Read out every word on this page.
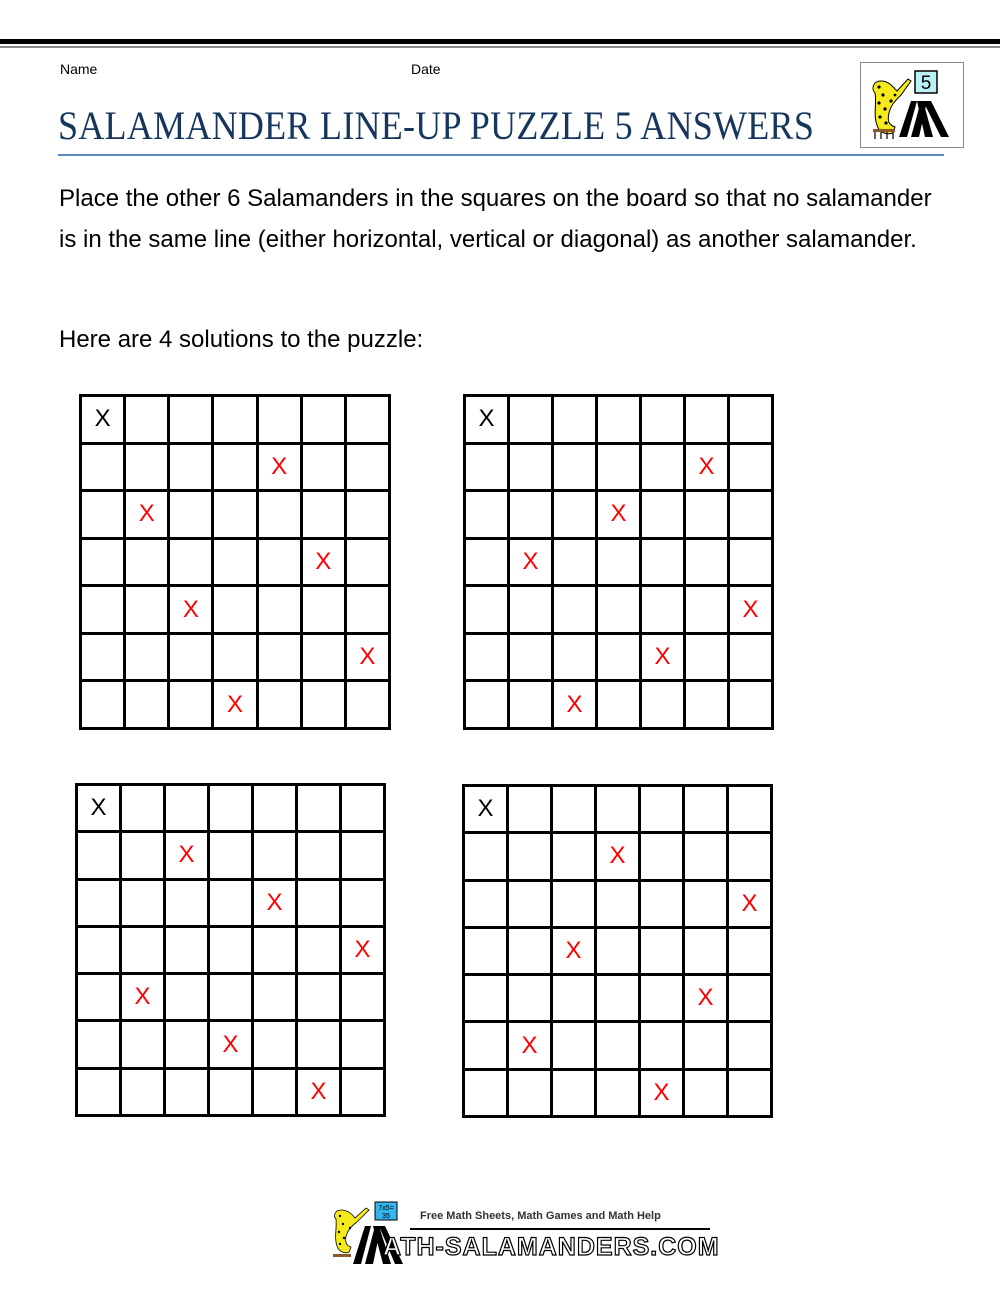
Name	Date
SALAMANDER LINE-UP PUZZLE 5 ANSWERS
5
Place the other 6 Salamanders in the squares on the board so that no salamander is in the same line (either horizontal, vertical or diagonal) as another salamander.
Here are 4 solutions to the puzzle:
X						
				X		
	X					
					X	
		X				
						X
			X			
X						
					X	
			X			
	X					
						X
				X		
		X				
X						
		X				
				X		
						X
	X					
			X			
					X	
X						
			X			
						X
		X				
					X	
	X					
				X		
7x5=
35	Free Math Sheets, Math Games and Math Help
ATH-SALAMANDERS.COM
